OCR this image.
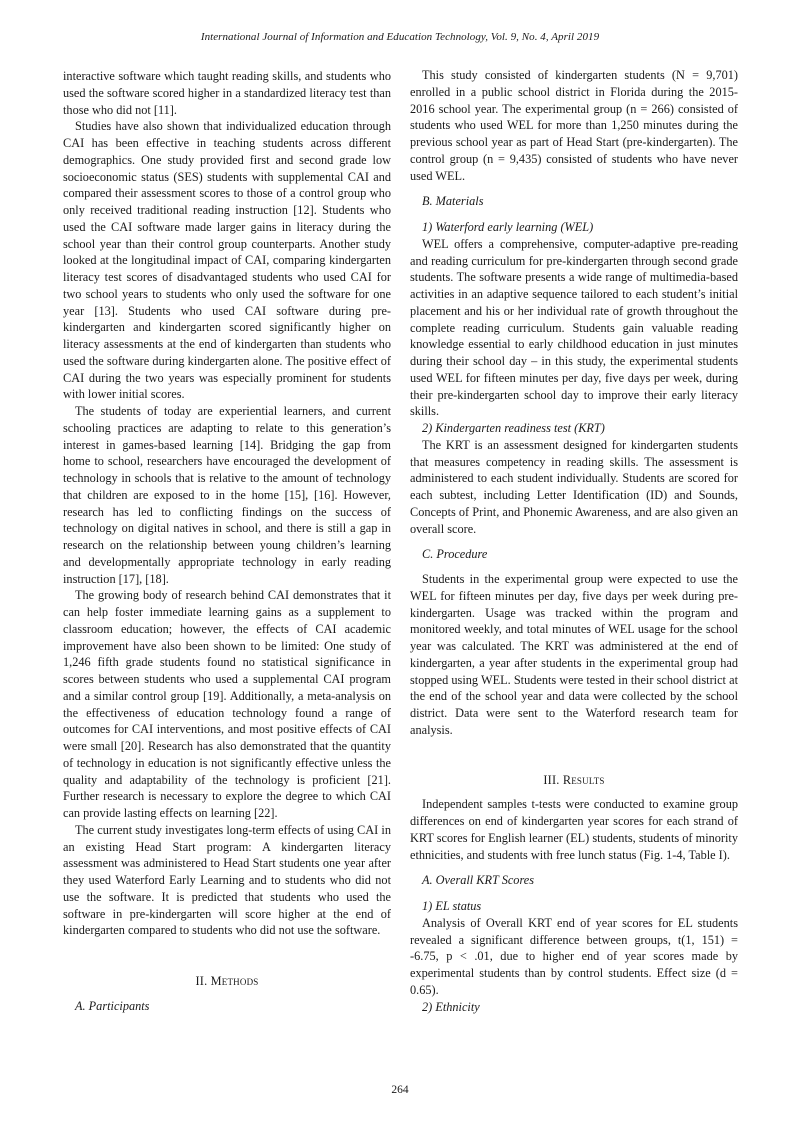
International Journal of Information and Education Technology, Vol. 9, No. 4, April 2019

interactive software which taught reading skills, and students who used the software scored higher in a standardized literacy test than those who did not [11].

Studies have also shown that individualized education through CAI has been effective in teaching students across different demographics. One study provided first and second grade low socioeconomic status (SES) students with supplemental CAI and compared their assessment scores to those of a control group who only received traditional reading instruction [12]. Students who used the CAI software made larger gains in literacy during the school year than their control group counterparts. Another study looked at the longitudinal impact of CAI, comparing kindergarten literacy test scores of disadvantaged students who used CAI for two school years to students who only used the software for one year [13]. Students who used CAI software during pre-kindergarten and kindergarten scored significantly higher on literacy assessments at the end of kindergarten than students who used the software during kindergarten alone. The positive effect of CAI during the two years was especially prominent for students with lower initial scores.

The students of today are experiential learners, and current schooling practices are adapting to relate to this generation’s interest in games-based learning [14]. Bridging the gap from home to school, researchers have encouraged the development of technology in schools that is relative to the amount of technology that children are exposed to in the home [15], [16]. However, research has led to conflicting findings on the success of technology on digital natives in school, and there is still a gap in research on the relationship between young children’s learning and developmentally appropriate technology in early reading instruction [17], [18].

The growing body of research behind CAI demonstrates that it can help foster immediate learning gains as a supplement to classroom education; however, the effects of CAI academic improvement have also been shown to be limited: One study of 1,246 fifth grade students found no statistical significance in scores between students who used a supplemental CAI program and a similar control group [19]. Additionally, a meta-analysis on the effectiveness of education technology found a range of outcomes for CAI interventions, and most positive effects of CAI were small [20]. Research has also demonstrated that the quantity of technology in education is not significantly effective unless the quality and adaptability of the technology is proficient [21]. Further research is necessary to explore the degree to which CAI can provide lasting effects on learning [22].

The current study investigates long-term effects of using CAI in an existing Head Start program: A kindergarten literacy assessment was administered to Head Start students one year after they used Waterford Early Learning and to students who did not use the software. It is predicted that students who used the software in pre-kindergarten will score higher at the end of kindergarten compared to students who did not use the software.

II. Methods

A. Participants

This study consisted of kindergarten students (N = 9,701) enrolled in a public school district in Florida during the 2015-2016 school year. The experimental group (n = 266) consisted of students who used WEL for more than 1,250 minutes during the previous school year as part of Head Start (pre-kindergarten). The control group (n = 9,435) consisted of students who have never used WEL.

B. Materials

1) Waterford early learning (WEL)

WEL offers a comprehensive, computer-adaptive pre-reading and reading curriculum for pre-kindergarten through second grade students. The software presents a wide range of multimedia-based activities in an adaptive sequence tailored to each student’s initial placement and his or her individual rate of growth throughout the complete reading curriculum. Students gain valuable reading knowledge essential to early childhood education in just minutes during their school day – in this study, the experimental students used WEL for fifteen minutes per day, five days per week, during their pre-kindergarten school day to improve their early literacy skills.

2) Kindergarten readiness test (KRT)

The KRT is an assessment designed for kindergarten students that measures competency in reading skills. The assessment is administered to each student individually. Students are scored for each subtest, including Letter Identification (ID) and Sounds, Concepts of Print, and Phonemic Awareness, and are also given an overall score.

C. Procedure

Students in the experimental group were expected to use the WEL for fifteen minutes per day, five days per week during pre-kindergarten. Usage was tracked within the program and monitored weekly, and total minutes of WEL usage for the school year was calculated. The KRT was administered at the end of kindergarten, a year after students in the experimental group had stopped using WEL. Students were tested in their school district at the end of the school year and data were collected by the school district. Data were sent to the Waterford research team for analysis.

III. Results

Independent samples t-tests were conducted to examine group differences on end of kindergarten year scores for each strand of KRT scores for English learner (EL) students, students of minority ethnicities, and students with free lunch status (Fig. 1-4, Table I).

A. Overall KRT Scores

1) EL status

Analysis of Overall KRT end of year scores for EL students revealed a significant difference between groups, t(1, 151) = -6.75, p < .01, due to higher end of year scores made by experimental students than by control students. Effect size (d = 0.65).

2) Ethnicity

264
